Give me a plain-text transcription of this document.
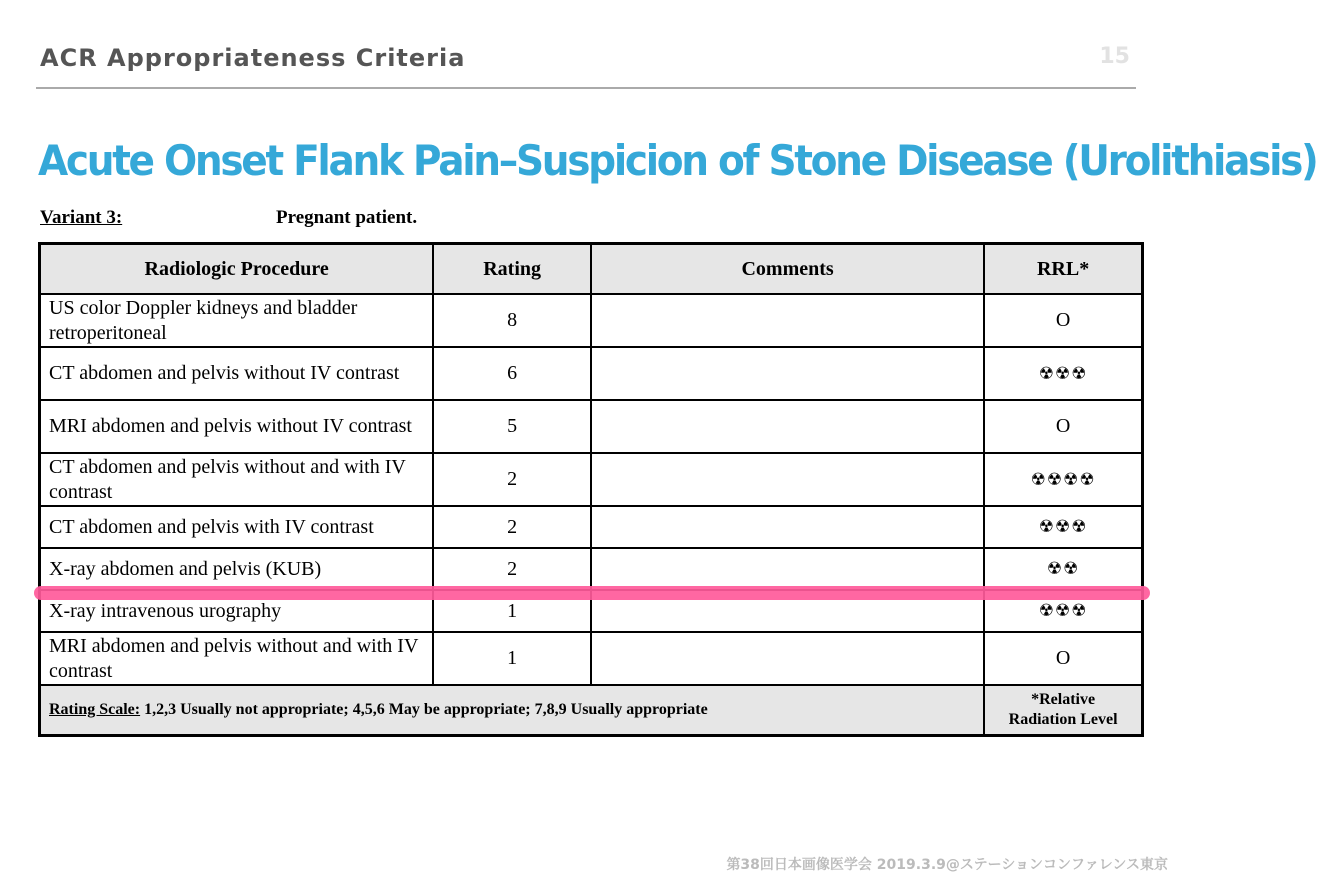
ACR Appropriateness Criteria	15
Acute Onset Flank Pain–Suspicion of Stone Disease (Urolithiasis)
Variant 3:	Pregnant patient.
Radiologic Procedure	Rating	Comments	RRL*
US color Doppler kidneys and bladder retroperitoneal	8		O
CT abdomen and pelvis without IV contrast	6		☢☢☢
MRI abdomen and pelvis without IV contrast	5		O
CT abdomen and pelvis without and with IV contrast	2		☢☢☢☢
CT abdomen and pelvis with IV contrast	2		☢☢☢
X-ray abdomen and pelvis (KUB)	2		☢☢
X-ray intravenous urography	1		☢☢☢
MRI abdomen and pelvis without and with IV contrast	1		O
Rating Scale: 1,2,3 Usually not appropriate; 4,5,6 May be appropriate; 7,8,9 Usually appropriate			*Relative
Radiation Level
第38回日本画像医学会 2019.3.9@ステーションコンファレンス東京
